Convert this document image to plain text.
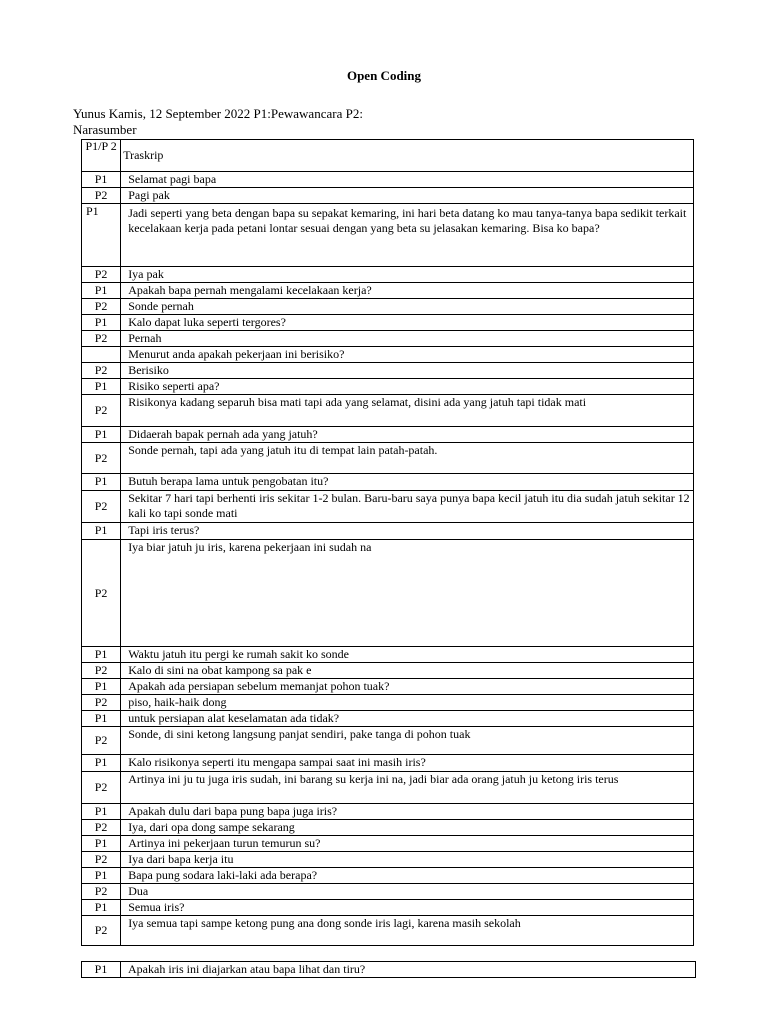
Open Coding
Yunus Kamis, 12 September 2022 P1:Pewawancara P2: Narasumber
P1/P 2	Traskrip
P1	Selamat pagi bapa
P2	Pagi pak
P1	Jadi seperti yang beta dengan bapa su sepakat kemaring, ini hari beta datang ko mau tanya-tanya bapa sedikit terkait kecelakaan kerja pada petani lontar sesuai dengan yang beta su jelasakan kemaring. Bisa ko bapa?
P2	Iya pak
P1	Apakah bapa pernah mengalami kecelakaan kerja?
P2	Sonde pernah
P1	Kalo dapat luka seperti tergores?
P2	Pernah
	Menurut anda apakah pekerjaan ini berisiko?
P2	Berisiko
P1	Risiko seperti apa?
P2	Risikonya kadang separuh bisa mati tapi ada yang selamat, disini ada yang jatuh tapi tidak mati
P1	Didaerah bapak pernah ada yang jatuh?
P2	Sonde pernah, tapi ada yang jatuh itu di tempat lain patah-patah.
P1	Butuh berapa lama untuk pengobatan itu?
P2	Sekitar 7 hari tapi berhenti iris sekitar 1-2 bulan. Baru-baru saya punya bapa kecil jatuh itu dia sudah jatuh sekitar 12 kali ko tapi sonde mati
P1	Tapi iris terus?
P2	Iya biar jatuh ju iris, karena pekerjaan ini sudah na
P1	Waktu jatuh itu pergi ke rumah sakit ko sonde
P2	Kalo di sini na obat kampong sa pak e
P1	Apakah ada persiapan sebelum memanjat pohon tuak?
P2	piso, haik-haik dong
P1	untuk persiapan alat keselamatan ada tidak?
P2	Sonde, di sini ketong langsung panjat sendiri, pake tanga di pohon tuak
P1	Kalo risikonya seperti itu mengapa sampai saat ini masih iris?
P2	Artinya ini ju tu juga iris sudah, ini barang su kerja ini na, jadi biar ada orang jatuh ju ketong iris terus
P1	Apakah dulu dari bapa pung bapa juga iris?
P2	Iya, dari opa dong sampe sekarang
P1	Artinya ini pekerjaan turun temurun su?
P2	Iya dari bapa kerja itu
P1	Bapa pung sodara laki-laki ada berapa?
P2	Dua
P1	Semua iris?
P2	Iya semua tapi sampe ketong pung ana dong sonde iris lagi, karena masih sekolah
P1	Apakah iris ini diajarkan atau bapa lihat dan tiru?
